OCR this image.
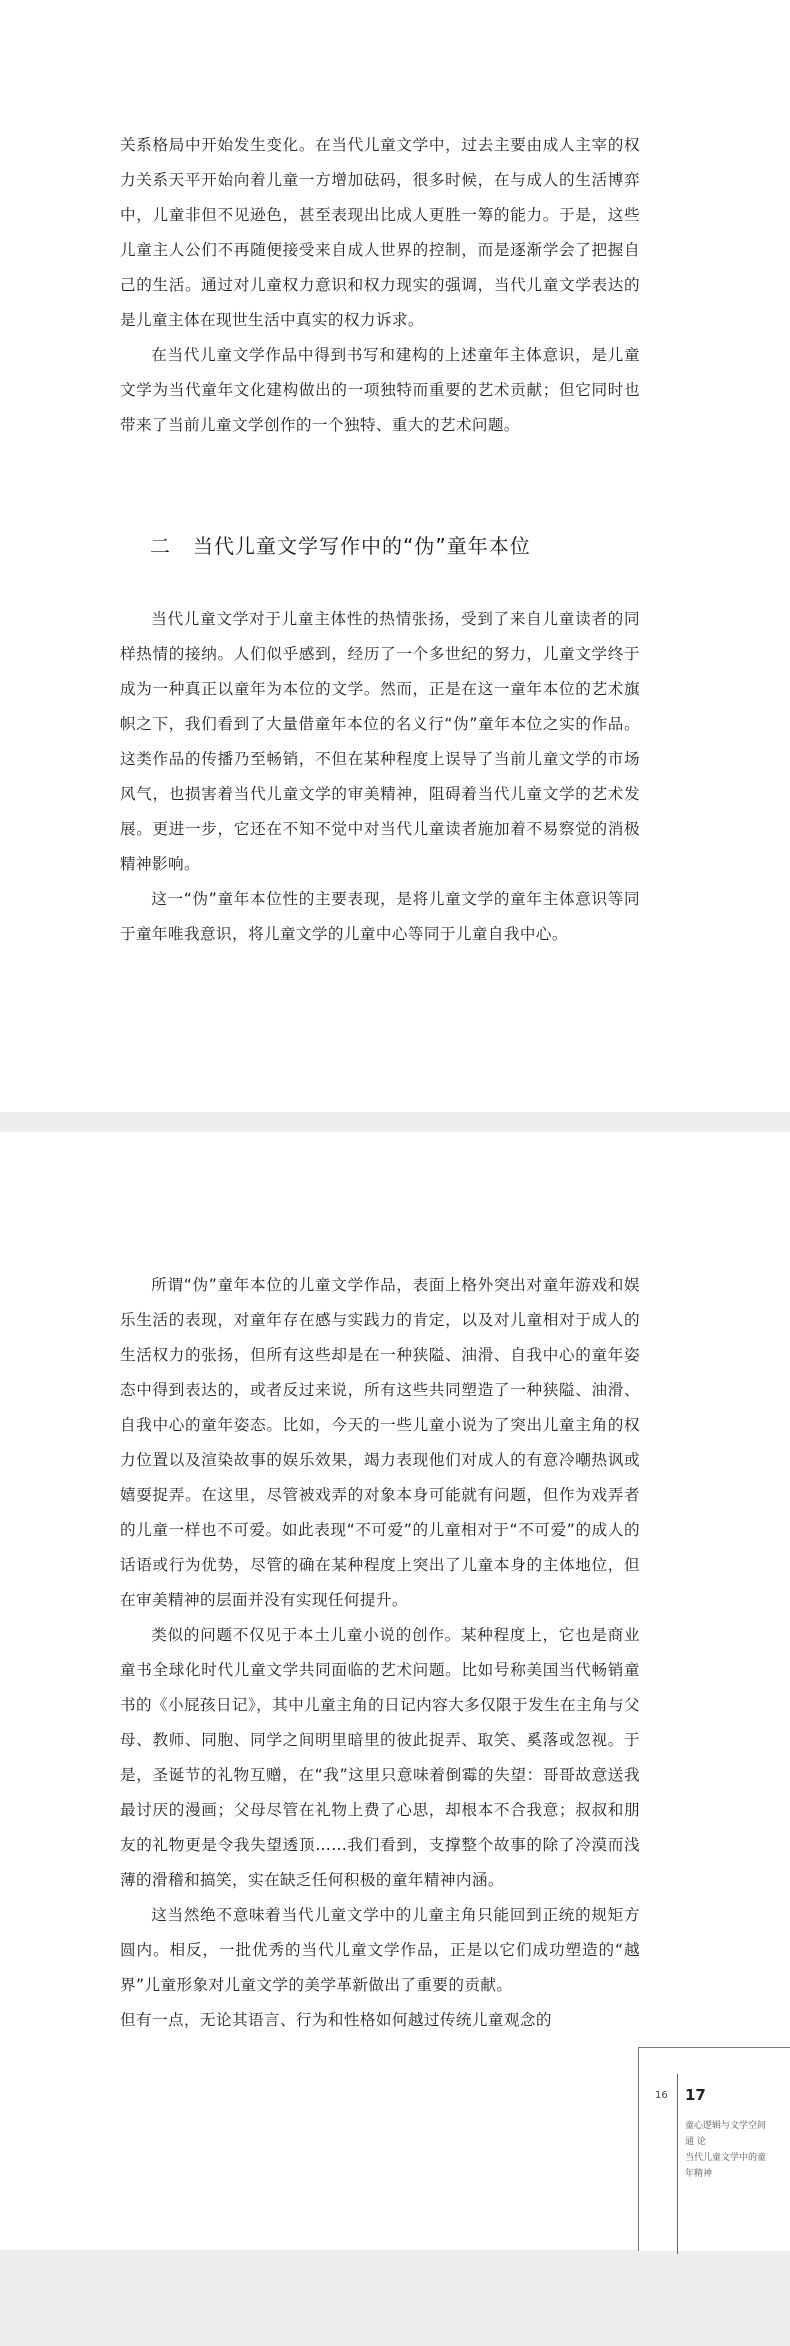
关系格局中开始发生变化。在当代儿童文学中，过去主要由成人主宰的权力关系天平开始向着儿童一方增加砝码，很多时候，在与成人的生活博弈中，儿童非但不见逊色，甚至表现出比成人更胜一筹的能力。于是，这些儿童主人公们不再随便接受来自成人世界的控制，而是逐渐学会了把握自己的生活。通过对儿童权力意识和权力现实的强调，当代儿童文学表达的是儿童主体在现世生活中真实的权力诉求。

在当代儿童文学作品中得到书写和建构的上述童年主体意识，是儿童文学为当代童年文化建构做出的一项独特而重要的艺术贡献；但它同时也带来了当前儿童文学创作的一个独特、重大的艺术问题。

二 当代儿童文学写作中的“伪”童年本位

当代儿童文学对于儿童主体性的热情张扬，受到了来自儿童读者的同样热情的接纳。人们似乎感到，经历了一个多世纪的努力，儿童文学终于成为一种真正以童年为本位的文学。然而，正是在这一童年本位的艺术旗帜之下，我们看到了大量借童年本位的名义行“伪”童年本位之实的作品。这类作品的传播乃至畅销，不但在某种程度上误导了当前儿童文学的市场风气，也损害着当代儿童文学的审美精神，阻碍着当代儿童文学的艺术发展。更进一步，它还在不知不觉中对当代儿童读者施加着不易察觉的消极精神影响。

这一“伪”童年本位性的主要表现，是将儿童文学的童年主体意识等同于童年唯我意识，将儿童文学的儿童中心等同于儿童自我中心。

所谓“伪”童年本位的儿童文学作品，表面上格外突出对童年游戏和娱乐生活的表现，对童年存在感与实践力的肯定，以及对儿童相对于成人的生活权力的张扬，但所有这些却是在一种狭隘、油滑、自我中心的童年姿态中得到表达的，或者反过来说，所有这些共同塑造了一种狭隘、油滑、自我中心的童年姿态。比如，今天的一些儿童小说为了突出儿童主角的权力位置以及渲染故事的娱乐效果，竭力表现他们对成人的有意冷嘲热讽或嬉耍捉弄。在这里，尽管被戏弄的对象本身可能就有问题，但作为戏弄者的儿童一样也不可爱。如此表现“不可爱”的儿童相对于“不可爱”的成人的话语或行为优势，尽管的确在某种程度上突出了儿童本身的主体地位，但在审美精神的层面并没有实现任何提升。

类似的问题不仅见于本土儿童小说的创作。某种程度上，它也是商业童书全球化时代儿童文学共同面临的艺术问题。比如号称美国当代畅销童书的《小屁孩日记》，其中儿童主角的日记内容大多仅限于发生在主角与父母、教师、同胞、同学之间明里暗里的彼此捉弄、取笑、奚落或忽视。于是，圣诞节的礼物互赠，在“我”这里只意味着倒霉的失望：哥哥故意送我最讨厌的漫画；父母尽管在礼物上费了心思，却根本不合我意；叔叔和朋友的礼物更是令我失望透顶……我们看到，支撑整个故事的除了冷漠而浅薄的滑稽和搞笑，实在缺乏任何积极的童年精神内涵。

这当然绝不意味着当代儿童文学中的儿童主角只能回到正统的规矩方圆内。相反，一批优秀的当代儿童文学作品，正是以它们成功塑造的“越界”儿童形象对儿童文学的美学革新做出了重要的贡献。

但有一点，无论其语言、行为和性格如何越过传统儿童观念的

16 17
童心逻辑与文学空间
通 论
当代儿童文学中的童
年精神
